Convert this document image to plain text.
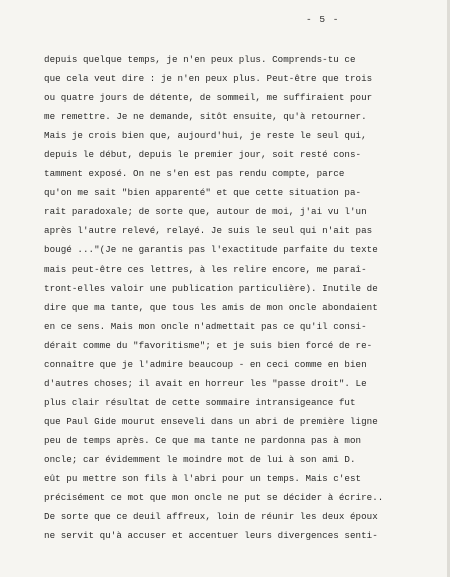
- 5 -
depuis quelque temps, je n'en peux plus. Comprends-tu ce
que cela veut dire : je n'en peux plus. Peut-être que trois
ou quatre jours de détente, de sommeil, me suffiraient pour
me remettre. Je ne demande, sitôt ensuite, qu'à retourner.
Mais je crois bien que, aujourd'hui, je reste le seul qui,
depuis le début, depuis le premier jour, soit resté cons-
tamment exposé. On ne s'en est pas rendu compte, parce
qu'on me sait "bien apparenté" et que cette situation pa-
raît paradoxale; de sorte que, autour de moi, j'ai vu l'un
après l'autre relevé, relayé. Je suis le seul qui n'ait pas
bougé ..."(Je ne garantis pas l'exactitude parfaite du texte
mais peut-être ces lettres, à les relire encore, me paraî-
tront-elles valoir une publication particulière). Inutile de
dire que ma tante, que tous les amis de mon oncle abondaient
en ce sens. Mais mon oncle n'admettait pas ce qu'il consi-
dérait comme du "favoritisme"; et je suis bien forcé de re-
connaître que je l'admire beaucoup - en ceci comme en bien
d'autres choses; il avait en horreur les "passe droit". Le
plus clair résultat de cette sommaire intransigeance fut
que Paul Gide mourut enseveli dans un abri de première ligne
peu de temps après. Ce que ma tante ne pardonna pas à mon
oncle; car évidemment le moindre mot de lui à son ami D.
eût pu mettre son fils à l'abri pour un temps. Mais c'est
précisément ce mot que mon oncle ne put se décider à écrire..
De sorte que ce deuil affreux, loin de réunir les deux époux
ne servit qu'à accuser et accentuer leurs divergences senti-
